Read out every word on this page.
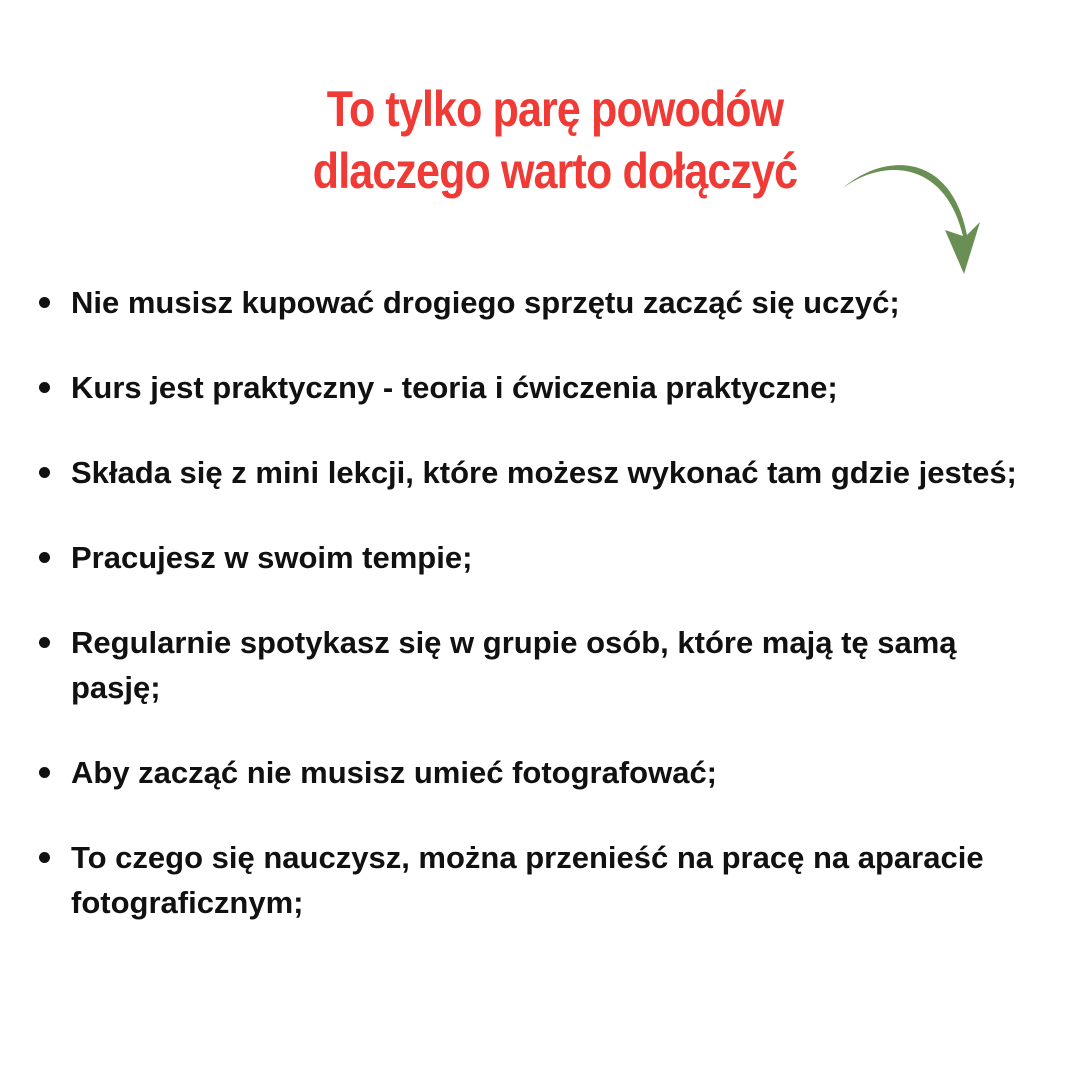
To tylko parę powodów
dlaczego warto dołączyć
Nie musisz kupować drogiego sprzętu zacząć się uczyć;
Kurs jest praktyczny - teoria i ćwiczenia praktyczne;
Składa się z mini lekcji, które możesz wykonać tam gdzie jesteś;
Pracujesz w swoim tempie;
Regularnie spotykasz się w grupie osób, które mają tę samą pasję;
Aby zacząć nie musisz umieć fotografować;
To czego się nauczysz, można przenieść na pracę na aparacie fotograficznym;
